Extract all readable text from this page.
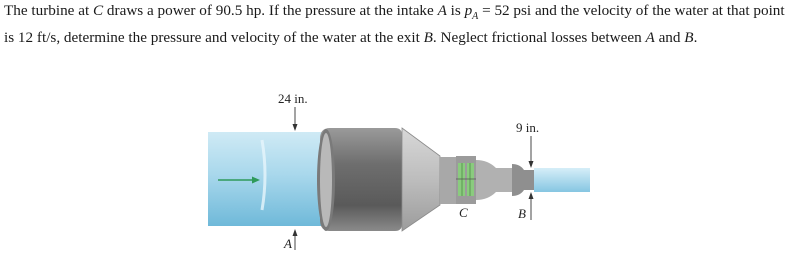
The turbine at C draws a power of 90.5 hp. If the pressure at the intake A is $p_A = 52$ psi and the velocity of the water at that point is 12 ft/s, determine the pressure and velocity of the water at the exit B. Neglect frictional losses between A and B.

24 in.
9 in.
C	B
A
